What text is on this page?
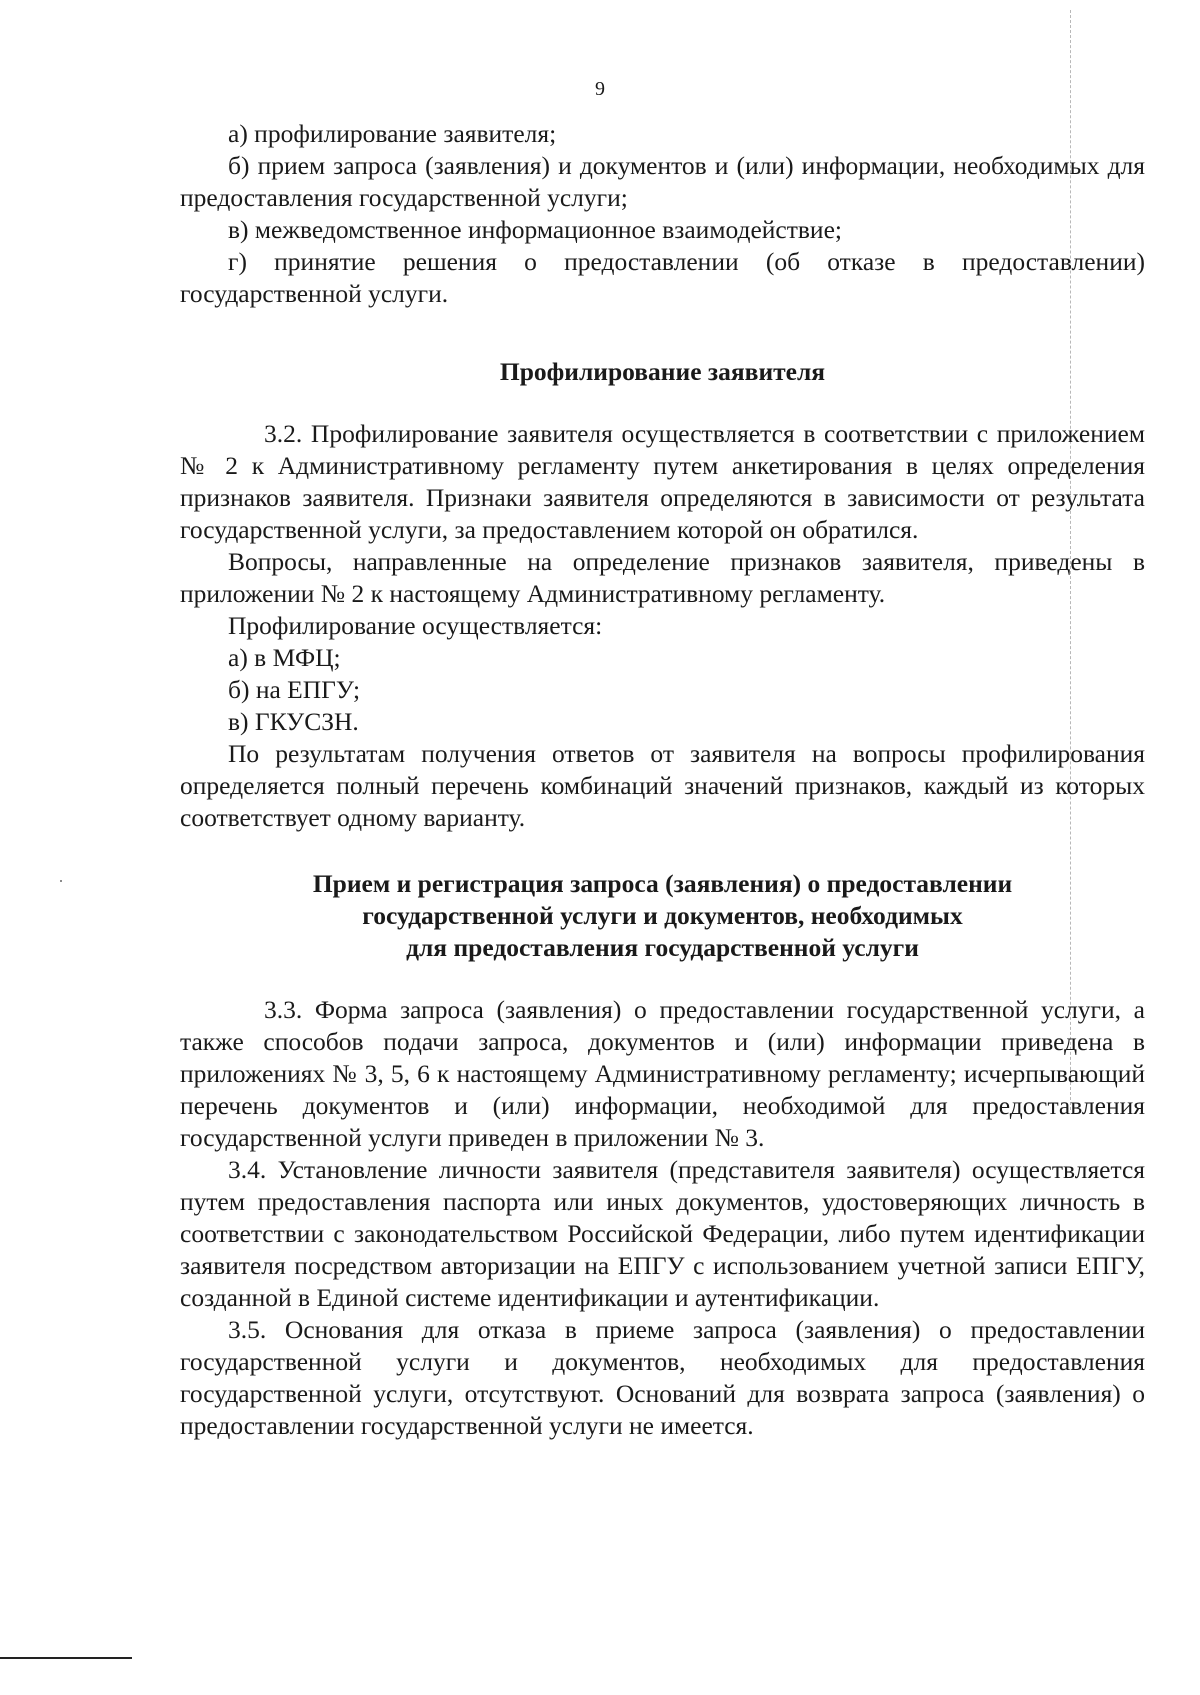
9

а) профилирование заявителя;

б) прием запроса (заявления) и документов и (или) информации, необходимых для предоставления государственной услуги;

в) межведомственное информационное взаимодействие;

г) принятие решения о предоставлении (об отказе в предоставлении) государственной услуги.

Профилирование заявителя

3.2. Профилирование заявителя осуществляется в соответствии с приложением № 2 к Административному регламенту путем анкетирования в целях определения признаков заявителя. Признаки заявителя определяются в зависимости от результата государственной услуги, за предоставлением которой он обратился.

Вопросы, направленные на определение признаков заявителя, приведены в приложении № 2 к настоящему Административному регламенту.

Профилирование осуществляется:

а) в МФЦ;

б) на ЕПГУ;

в) ГКУСЗН.

По результатам получения ответов от заявителя на вопросы профилирования определяется полный перечень комбинаций значений признаков, каждый из которых соответствует одному варианту.

Прием и регистрация запроса (заявления) о предоставлении
государственной услуги и документов, необходимых
для предоставления государственной услуги

3.3. Форма запроса (заявления) о предоставлении государственной услуги, а также способов подачи запроса, документов и (или) информации приведена в приложениях № 3, 5, 6 к настоящему Административному регламенту; исчерпывающий перечень документов и (или) информации, необходимой для предоставления государственной услуги приведен в приложении № 3.

3.4. Установление личности заявителя (представителя заявителя) осуществляется путем предоставления паспорта или иных документов, удостоверяющих личность в соответствии с законодательством Российской Федерации, либо путем идентификации заявителя посредством авторизации на ЕПГУ с использованием учетной записи ЕПГУ, созданной в Единой системе идентификации и аутентификации.

3.5. Основания для отказа в приеме запроса (заявления) о предоставлении государственной услуги и документов, необходимых для предоставления государственной услуги, отсутствуют. Оснований для возврата запроса (заявления) о предоставлении государственной услуги не имеется.
